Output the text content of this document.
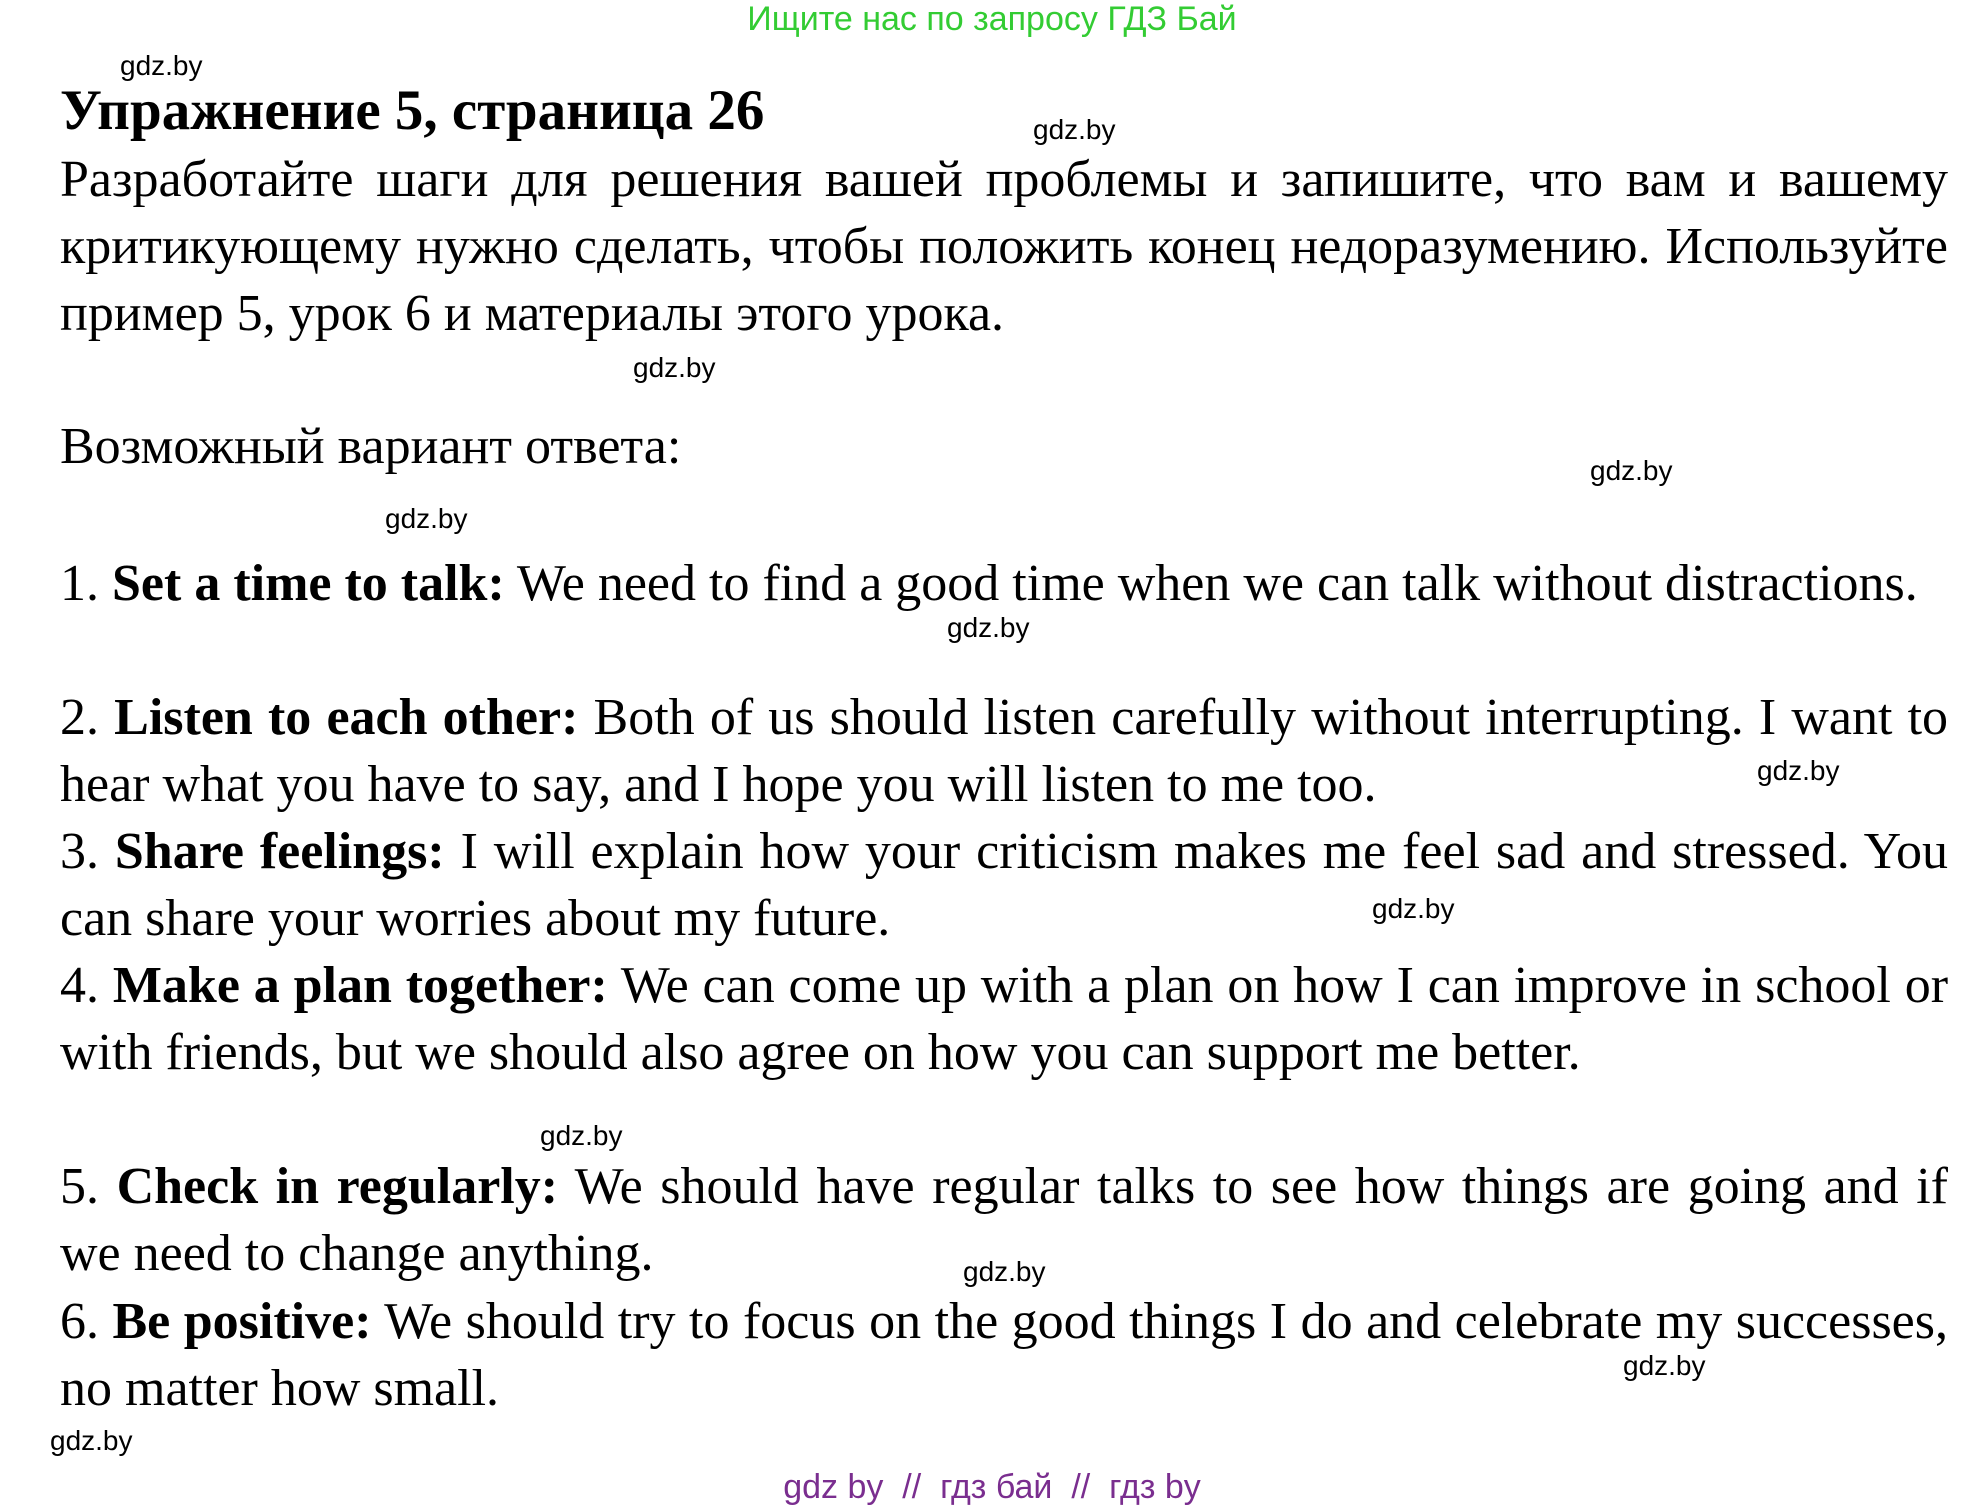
Ищите нас по запросу ГДЗ Бай
Упражнение 5, страница 26
Разработайте шаги для решения вашей проблемы и запишите, что вам и вашему критикующему нужно сделать, чтобы положить конец недоразумению. Используйте пример 5, урок 6 и материалы этого урока.
Возможный вариант ответа:
1. Set a time to talk: We need to find a good time when we can talk without distractions.
2. Listen to each other: Both of us should listen carefully without interrupting. I want to hear what you have to say, and I hope you will listen to me too.
3. Share feelings: I will explain how your criticism makes me feel sad and stressed. You can share your worries about my future.
4. Make a plan together: We can come up with a plan on how I can improve in school or with friends, but we should also agree on how you can support me better.
5. Check in regularly: We should have regular talks to see how things are going and if we need to change anything.
6. Be positive: We should try to focus on the good things I do and celebrate my successes, no matter how small.
gdz.by
gdz.by
gdz.by
gdz.by
gdz.by
gdz.by
gdz.by
gdz.by
gdz.by
gdz.by
gdz.by
gdz.by
gdz by  //  гдз бай  //  гдз by
